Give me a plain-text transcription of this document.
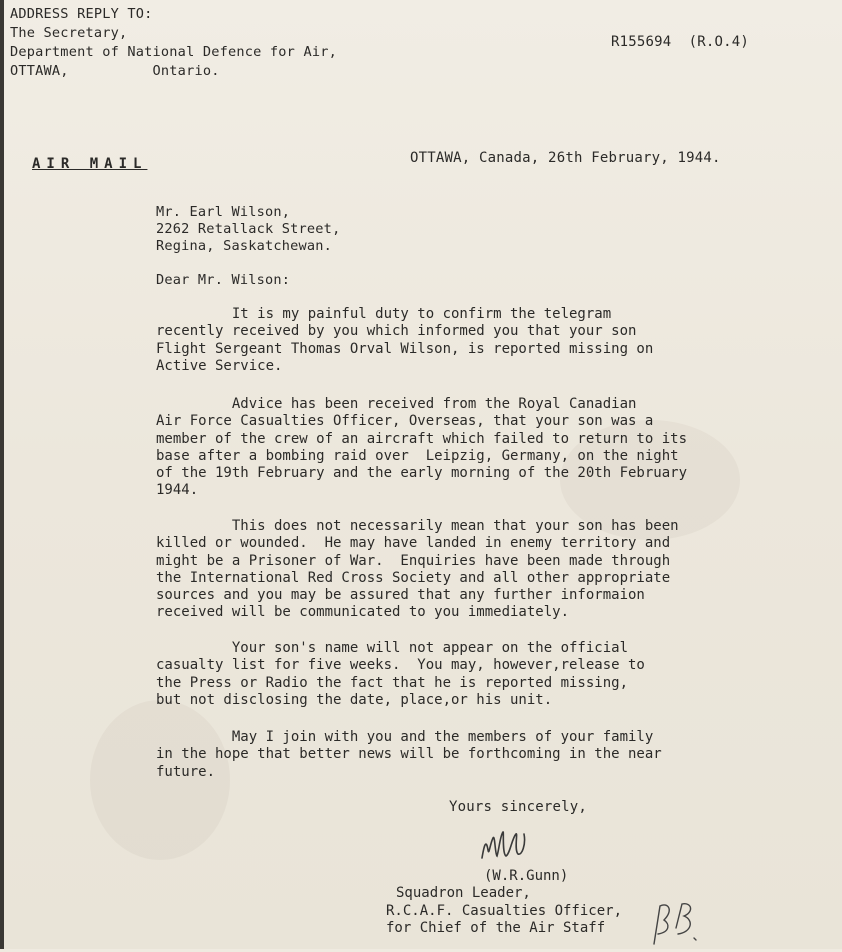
ADDRESS REPLY TO:
The Secretary,
Department of National Defence for Air,
OTTAWA,          Ontario.
R155694  (R.O.4)
AIR MAIL	OTTAWA, Canada, 26th February, 1944.
Mr. Earl Wilson,
2262 Retallack Street,
Regina, Saskatchewan.
Dear Mr. Wilson:

It is my painful duty to confirm the telegram

recently received by you which informed you that your son

Flight Sergeant Thomas Orval Wilson, is reported missing on

Active Service.

Advice has been received from the Royal Canadian

Air Force Casualties Officer, Overseas, that your son was a

member of the crew of an aircraft which failed to return to its

base after a bombing raid over  Leipzig, Germany, on the night

of the 19th February and the early morning of the 20th February

1944.

This does not necessarily mean that your son has been

killed or wounded.  He may have landed in enemy territory and

might be a Prisoner of War.  Enquiries have been made through

the International Red Cross Society and all other appropriate

sources and you may be assured that any further informaion

received will be communicated to you immediately.

Your son's name will not appear on the official

casualty list for five weeks.  You may, however,release to

the Press or Radio the fact that he is reported missing,

but not disclosing the date, place,or his unit.

May I join with you and the members of your family

in the hope that better news will be forthcoming in the near

future.

Yours sincerely,

(W.R.Gunn)

Squadron Leader,

R.C.A.F. Casualties Officer,

for Chief of the Air Staff
